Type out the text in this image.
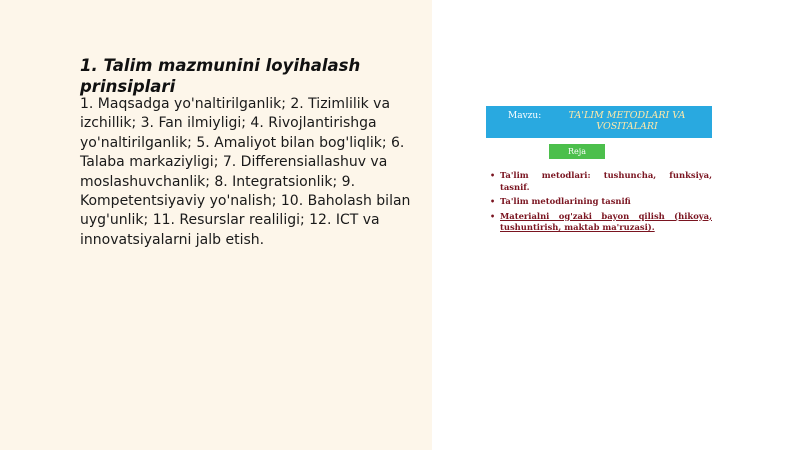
1. Talim mazmunini loyihalash prinsiplari
1. Maqsadga yo'naltirilganlik; 2. Tizimlilik va izchillik; 3. Fan ilmiyligi; 4. Rivojlantirishga yo'naltirilganlik; 5. Amaliyot bilan bog'liqlik; 6. Talaba markaziyligi; 7. Differensiallashuv va moslashuvchanlik; 8. Integratsionlik; 9. Kompetentsiyaviy yo'nalish; 10. Baholash bilan uyg'unlik; 11. Resurslar realiligi; 12. ICT va innovatsiyalarni jalb etish.
Mavzu:	TA'LIM METODLARI VA VOSITALARI
Reja
• Ta'lim metodlari: tushuncha, funksiya, tasnif.
• Ta'lim metodlarining tasnifi
• Materialni og'zaki bayon qilish (hikoya, tushuntirish, maktab ma'ruzasi).
